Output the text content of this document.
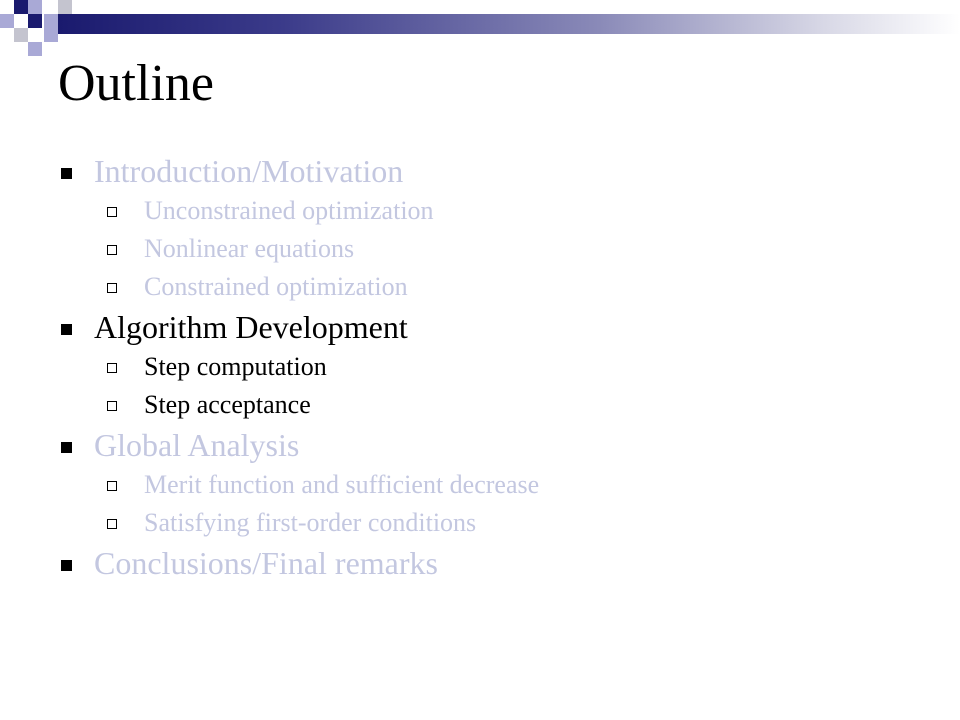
Outline
Introduction/Motivation
Unconstrained optimization
Nonlinear equations
Constrained optimization
Algorithm Development
Step computation
Step acceptance
Global Analysis
Merit function and sufficient decrease
Satisfying first-order conditions
Conclusions/Final remarks
